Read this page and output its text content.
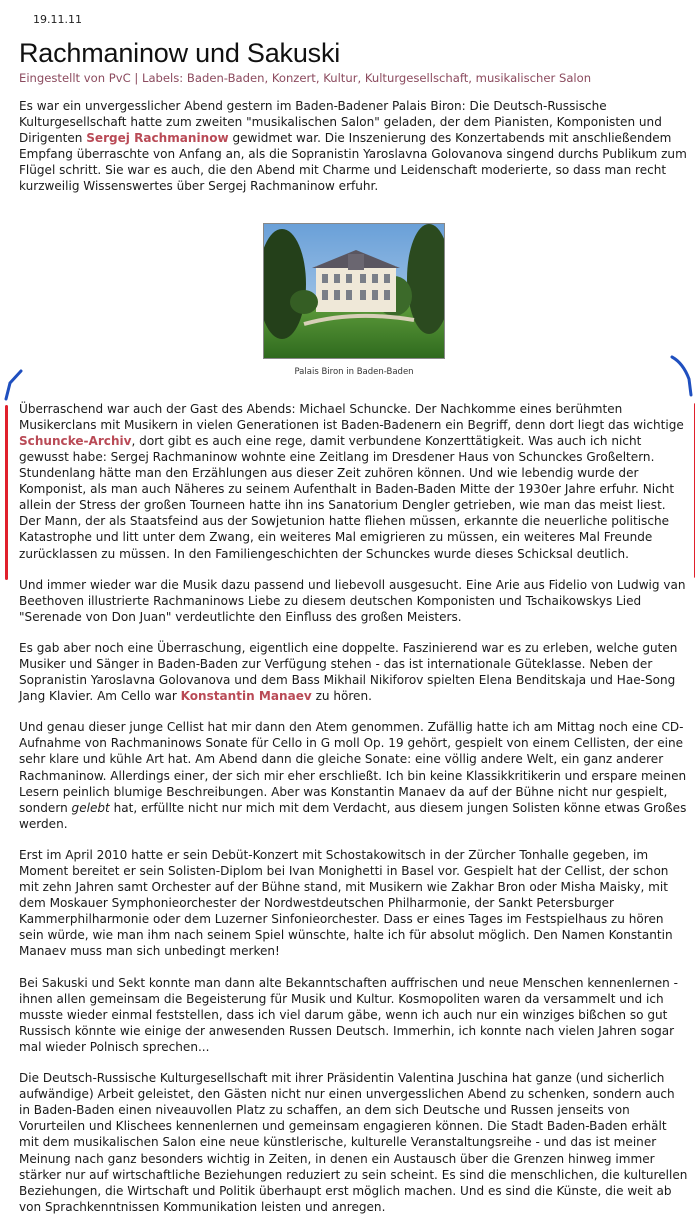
19.11.11
Rachmaninow und Sakuski
Eingestellt von PvC | Labels: Baden-Baden, Konzert, Kultur, Kulturgesellschaft, musikalischer Salon

Es war ein unvergesslicher Abend gestern im Baden-Badener Palais Biron: Die Deutsch-Russische Kulturgesellschaft hatte zum zweiten "musikalischen Salon" geladen, der dem Pianisten, Komponisten und Dirigenten Sergej Rachmaninow gewidmet war. Die Inszenierung des Konzertabends mit anschließendem Empfang überraschte von Anfang an, als die Sopranistin Yaroslavna Golovanova singend durchs Publikum zum Flügel schritt. Sie war es auch, die den Abend mit Charme und Leidenschaft moderierte, so dass man recht kurzweilig Wissenswertes über Sergej Rachmaninow erfuhr.

Palais Biron in Baden-Baden

Überraschend war auch der Gast des Abends: Michael Schuncke. Der Nachkomme eines berühmten Musikerclans mit Musikern in vielen Generationen ist Baden-Badenern ein Begriff, denn dort liegt das wichtige Schuncke-Archiv, dort gibt es auch eine rege, damit verbundene Konzerttätigkeit. Was auch ich nicht gewusst habe: Sergej Rachmaninow wohnte eine Zeitlang im Dresdener Haus von Schunckes Großeltern. Stundenlang hätte man den Erzählungen aus dieser Zeit zuhören können. Und wie lebendig wurde der Komponist, als man auch Näheres zu seinem Aufenthalt in Baden-Baden Mitte der 1930er Jahre erfuhr. Nicht allein der Stress der großen Tourneen hatte ihn ins Sanatorium Dengler getrieben, wie man das meist liest. Der Mann, der als Staatsfeind aus der Sowjetunion hatte fliehen müssen, erkannte die neuerliche politische Katastrophe und litt unter dem Zwang, ein weiteres Mal emigrieren zu müssen, ein weiteres Mal Freunde zurücklassen zu müssen. In den Familiengeschichten der Schunckes wurde dieses Schicksal deutlich.

Und immer wieder war die Musik dazu passend und liebevoll ausgesucht. Eine Arie aus Fidelio von Ludwig van Beethoven illustrierte Rachmaninows Liebe zu diesem deutschen Komponisten und Tschaikowskys Lied "Serenade von Don Juan" verdeutlichte den Einfluss des großen Meisters.

Es gab aber noch eine Überraschung, eigentlich eine doppelte. Faszinierend war es zu erleben, welche guten Musiker und Sänger in Baden-Baden zur Verfügung stehen - das ist internationale Güteklasse. Neben der Sopranistin Yaroslavna Golovanova und dem Bass Mikhail Nikiforov spielten Elena Benditskaja und Hae-Song Jang Klavier. Am Cello war Konstantin Manaev zu hören.

Und genau dieser junge Cellist hat mir dann den Atem genommen. Zufällig hatte ich am Mittag noch eine CD-Aufnahme von Rachmaninows Sonate für Cello in G moll Op. 19 gehört, gespielt von einem Cellisten, der eine sehr klare und kühle Art hat. Am Abend dann die gleiche Sonate: eine völlig andere Welt, ein ganz anderer Rachmaninow. Allerdings einer, der sich mir eher erschließt. Ich bin keine Klassikkritikerin und erspare meinen Lesern peinlich blumige Beschreibungen. Aber was Konstantin Manaev da auf der Bühne nicht nur gespielt, sondern gelebt hat, erfüllte nicht nur mich mit dem Verdacht, aus diesem jungen Solisten könne etwas Großes werden.

Erst im April 2010 hatte er sein Debüt-Konzert mit Schostakowitsch in der Zürcher Tonhalle gegeben, im Moment bereitet er sein Solisten-Diplom bei Ivan Monighetti in Basel vor. Gespielt hat der Cellist, der schon mit zehn Jahren samt Orchester auf der Bühne stand, mit Musikern wie Zakhar Bron oder Misha Maisky, mit dem Moskauer Symphonieorchester der Nordwestdeutschen Philharmonie, der Sankt Petersburger Kammerphilharmonie oder dem Luzerner Sinfonieorchester. Dass er eines Tages im Festspielhaus zu hören sein würde, wie man ihm nach seinem Spiel wünschte, halte ich für absolut möglich. Den Namen Konstantin Manaev muss man sich unbedingt merken!

Bei Sakuski und Sekt konnte man dann alte Bekanntschaften auffrischen und neue Menschen kennenlernen - ihnen allen gemeinsam die Begeisterung für Musik und Kultur. Kosmopoliten waren da versammelt und ich musste wieder einmal feststellen, dass ich viel darum gäbe, wenn ich auch nur ein winziges bißchen so gut Russisch könnte wie einige der anwesenden Russen Deutsch. Immerhin, ich konnte nach vielen Jahren sogar mal wieder Polnisch sprechen...

Die Deutsch-Russische Kulturgesellschaft mit ihrer Präsidentin Valentina Juschina hat ganze (und sicherlich aufwändige) Arbeit geleistet, den Gästen nicht nur einen unvergesslichen Abend zu schenken, sondern auch in Baden-Baden einen niveauvollen Platz zu schaffen, an dem sich Deutsche und Russen jenseits von Vorurteilen und Klischees kennenlernen und gemeinsam engagieren können. Die Stadt Baden-Baden erhält mit dem musikalischen Salon eine neue künstlerische, kulturelle Veranstaltungsreihe - und das ist meiner Meinung nach ganz besonders wichtig in Zeiten, in denen ein Austausch über die Grenzen hinweg immer stärker nur auf wirtschaftliche Beziehungen reduziert zu sein scheint. Es sind die menschlichen, die kulturellen Beziehungen, die Wirtschaft und Politik überhaupt erst möglich machen. Und es sind die Künste, die weit ab von Sprachkenntnissen Kommunikation leisten und anregen.
